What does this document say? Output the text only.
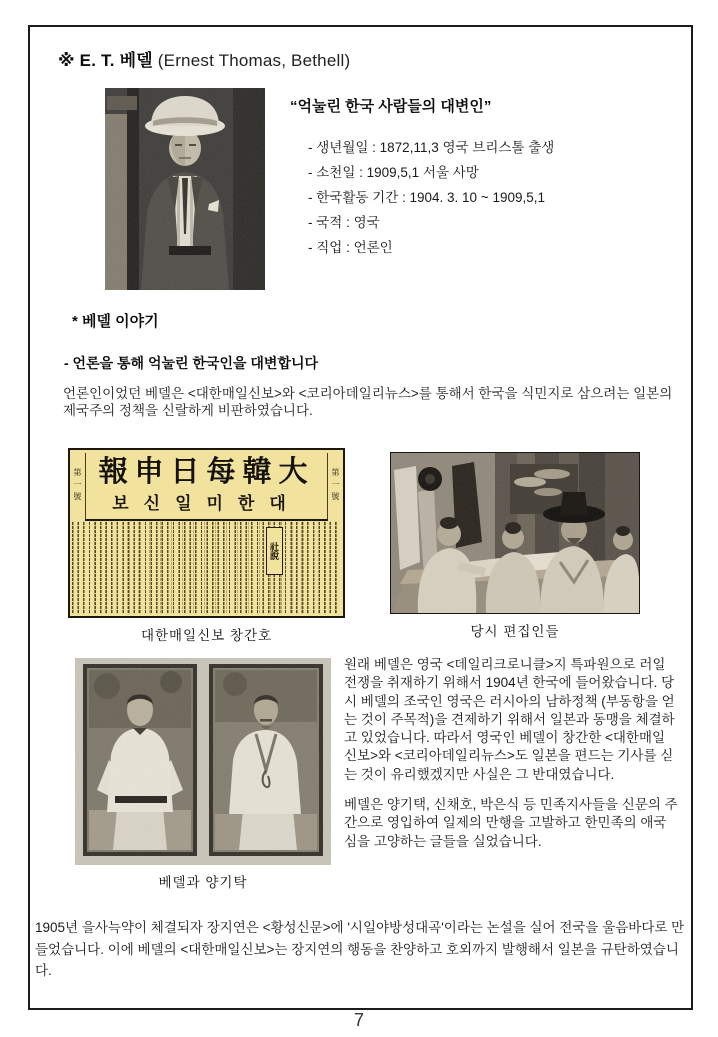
※ E. T. 베델 (Ernest Thomas, Bethell)
“억눌린 한국 사람들의 대변인”
- 생년월일 : 1872,11,3 영국 브리스톨 출생
- 소천일 : 1909,5,1 서울 사망
- 한국활동 기간 : 1904. 3. 10 ~ 1909,5,1
- 국적 : 영국
- 직업 : 언론인
* 베델 이야기
- 언론을 통해 억눌린 한국인을 대변합니다

언론인이었던 베델은 <대한매일신보>와 <코리아데일리뉴스>를 통해서 한국을 식민지로 삼으려는 일본의 제국주의 정책을 신랄하게 비판하였습니다.

第一號	第一號
報申日每韓大
보신일미한대
社說
대한매일신보 창간호	당시 편집인들
베델과 양기탁

원래 베델은 영국 <데일리크로니클>지 특파원으로 러일전쟁을 취재하기 위해서 1904년 한국에 들어왔습니다. 당시 베델의 조국인 영국은 러시아의 남하정책 (부동항을 얻는 것이 주목적)을 견제하기 위해서 일본과 동맹을 체결하고 있었습니다. 따라서 영국인 베델이 창간한 <대한매일신보>와 <코리아데일리뉴스>도 일본을 편드는 기사를 싣는 것이 유리했겠지만 사실은 그 반대였습니다.

베델은 양기택, 신채호, 박은식 등 민족지사들을 신문의 주간으로 영입하여 일제의 만행을 고발하고 한민족의 애국심을 고양하는 글들을 실었습니다.

1905년 을사늑약이 체결되자 장지연은 <황성신문>에 '시일야방성대곡'이라는 논설을 실어 전국을 울음바다로 만들었습니다. 이에 베델의 <대한매일신보>는 장지연의 행동을 찬양하고 호외까지 발행해서 일본을 규탄하였습니다.

7
